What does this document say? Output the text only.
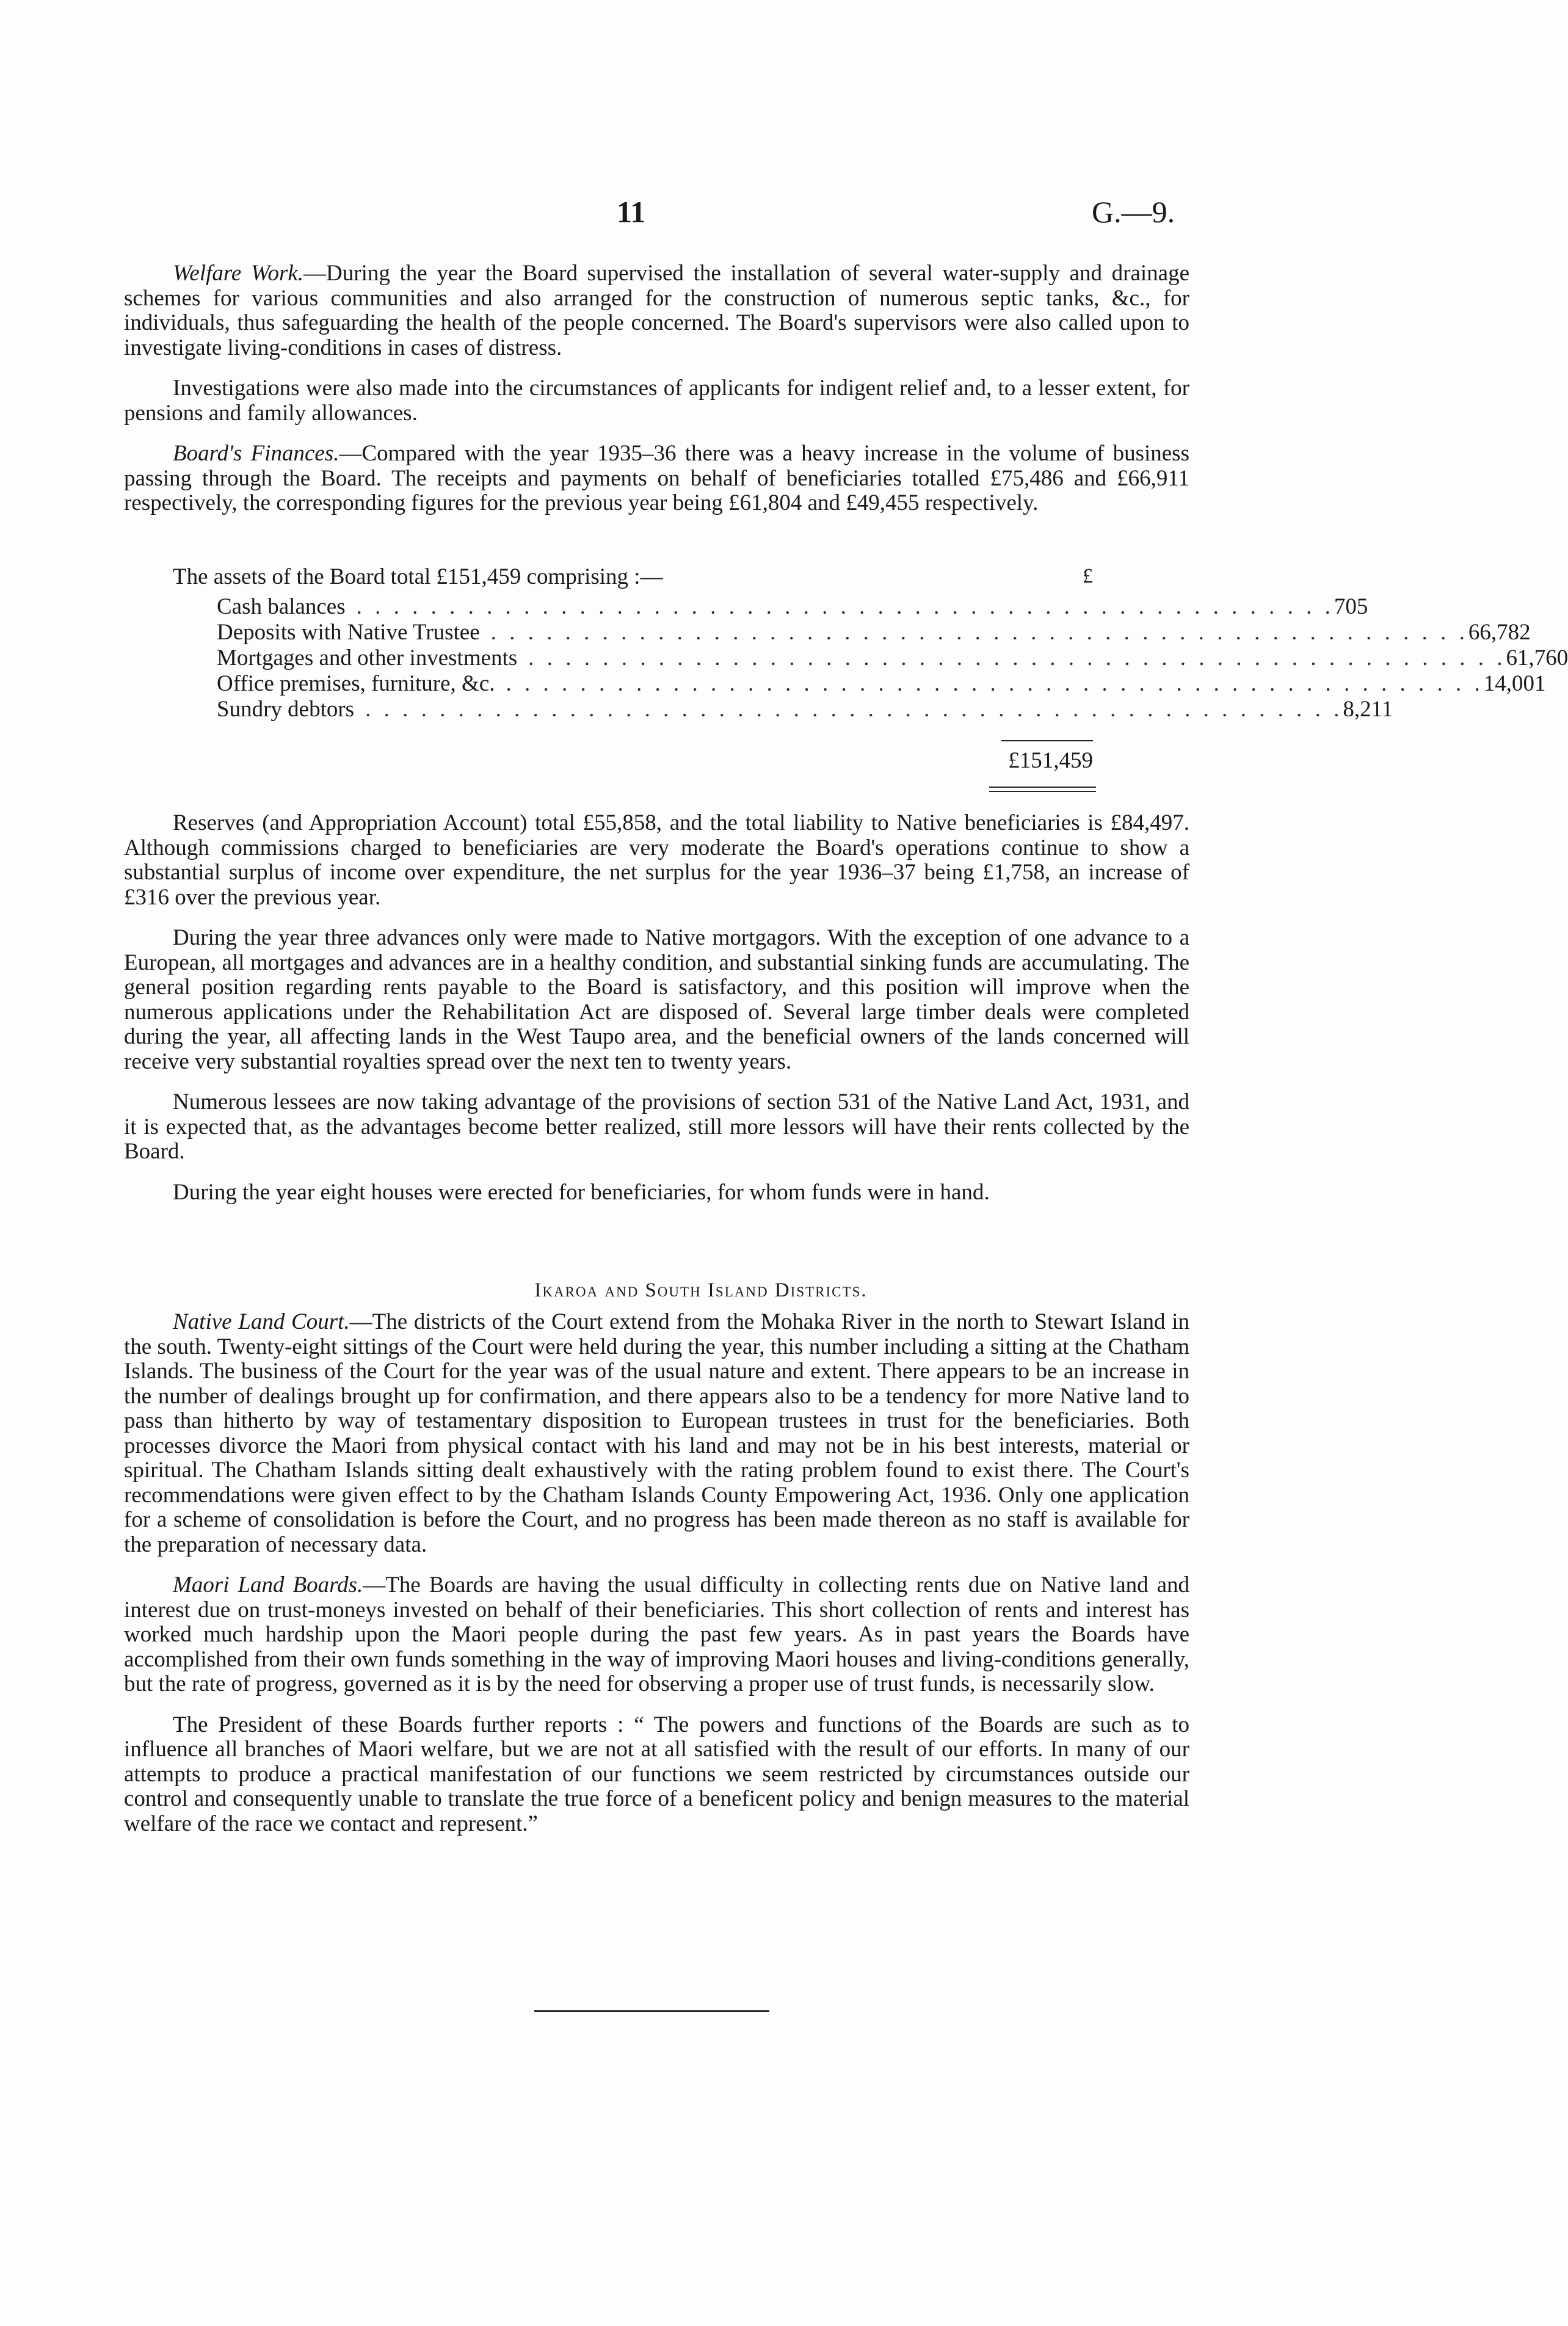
11	G.—9.

Welfare Work.—During the year the Board supervised the installation of several water-supply and drainage schemes for various communities and also arranged for the construction of numerous septic tanks, &c., for individuals, thus safeguarding the health of the people concerned. The Board's supervisors were also called upon to investigate living-conditions in cases of distress.

Investigations were also made into the circumstances of applicants for indigent relief and, to a lesser extent, for pensions and family allowances.

Board's Finances.—Compared with the year 1935–36 there was a heavy increase in the volume of business passing through the Board. The receipts and payments on behalf of beneficiaries totalled £75,486 and £66,911 respectively, the corresponding figures for the previous year being £61,804 and £49,455 respectively.

The assets of the Board total £151,459 comprising :—	£
Cash balances . . . . . . . . . . . . . . . . . . . . . . . . . . . . . . . . . . . . . . . . . . . . . . . . . . . . . 705
Deposits with Native Trustee . . . . . . . . . . . . . . . . . . . . . . . . . . . . . . . . . . . . . . . . . . . . . . . . . . . . . 66,782
Mortgages and other investments . . . . . . . . . . . . . . . . . . . . . . . . . . . . . . . . . . . . . . . . . . . . . . . . . . . . . 61,760
Office premises, furniture, &c. . . . . . . . . . . . . . . . . . . . . . . . . . . . . . . . . . . . . . . . . . . . . . . . . . . . . . 14,001
Sundry debtors . . . . . . . . . . . . . . . . . . . . . . . . . . . . . . . . . . . . . . . . . . . . . . . . . . . . . 8,211
£151,459

Reserves (and Appropriation Account) total £55,858, and the total liability to Native beneficiaries is £84,497. Although commissions charged to beneficiaries are very moderate the Board's operations continue to show a substantial surplus of income over expenditure, the net surplus for the year 1936–37 being £1,758, an increase of £316 over the previous year.

During the year three advances only were made to Native mortgagors. With the exception of one advance to a European, all mortgages and advances are in a healthy condition, and substantial sinking funds are accumulating. The general position regarding rents payable to the Board is satisfactory, and this position will improve when the numerous applications under the Rehabilitation Act are disposed of. Several large timber deals were completed during the year, all affecting lands in the West Taupo area, and the beneficial owners of the lands concerned will receive very substantial royalties spread over the next ten to twenty years.

Numerous lessees are now taking advantage of the provisions of section 531 of the Native Land Act, 1931, and it is expected that, as the advantages become better realized, still more lessors will have their rents collected by the Board.

During the year eight houses were erected for beneficiaries, for whom funds were in hand.

Ikaroa and South Island Districts.

Native Land Court.—The districts of the Court extend from the Mohaka River in the north to Stewart Island in the south. Twenty-eight sittings of the Court were held during the year, this number including a sitting at the Chatham Islands. The business of the Court for the year was of the usual nature and extent. There appears to be an increase in the number of dealings brought up for confirmation, and there appears also to be a tendency for more Native land to pass than hitherto by way of testamentary disposition to European trustees in trust for the beneficiaries. Both processes divorce the Maori from physical contact with his land and may not be in his best interests, material or spiritual. The Chatham Islands sitting dealt exhaustively with the rating problem found to exist there. The Court's recommendations were given effect to by the Chatham Islands County Empowering Act, 1936. Only one application for a scheme of consolidation is before the Court, and no progress has been made thereon as no staff is available for the preparation of necessary data.

Maori Land Boards.—The Boards are having the usual difficulty in collecting rents due on Native land and interest due on trust-moneys invested on behalf of their beneficiaries. This short collection of rents and interest has worked much hardship upon the Maori people during the past few years. As in past years the Boards have accomplished from their own funds something in the way of improving Maori houses and living-conditions generally, but the rate of progress, governed as it is by the need for observing a proper use of trust funds, is necessarily slow.

The President of these Boards further reports : “ The powers and functions of the Boards are such as to influence all branches of Maori welfare, but we are not at all satisfied with the result of our efforts. In many of our attempts to produce a practical manifestation of our functions we seem restricted by circumstances outside our control and consequently unable to translate the true force of a beneficent policy and benign measures to the material welfare of the race we contact and represent.”
